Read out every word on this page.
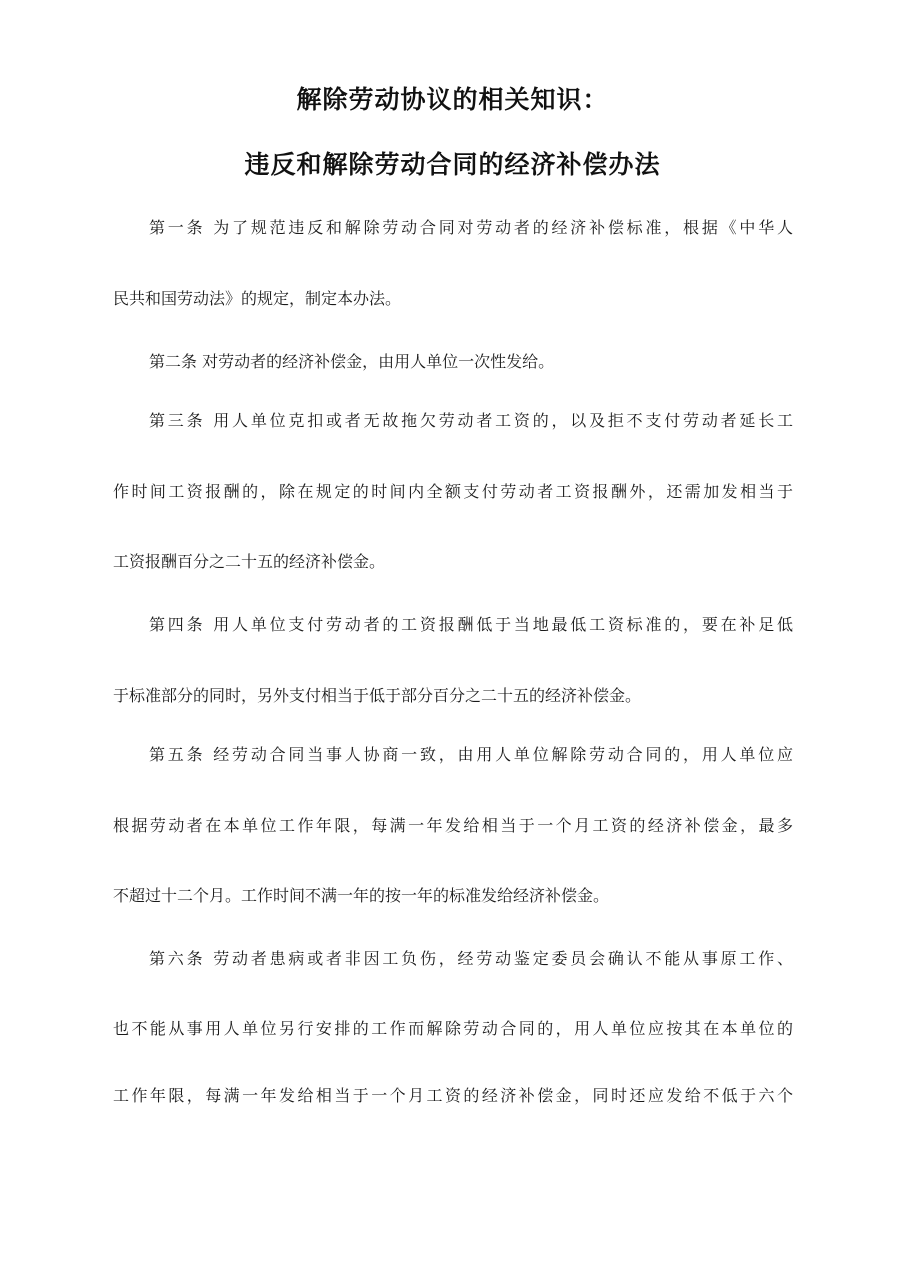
解除劳动协议的相关知识：
违反和解除劳动合同的经济补偿办法
第一条 为了规范违反和解除劳动合同对劳动者的经济补偿标准，根据《中华人
民共和国劳动法》的规定，制定本办法。
第二条 对劳动者的经济补偿金，由用人单位一次性发给。
第三条 用人单位克扣或者无故拖欠劳动者工资的，以及拒不支付劳动者延长工
作时间工资报酬的，除在规定的时间内全额支付劳动者工资报酬外，还需加发相当于
工资报酬百分之二十五的经济补偿金。
第四条 用人单位支付劳动者的工资报酬低于当地最低工资标准的，要在补足低
于标准部分的同时，另外支付相当于低于部分百分之二十五的经济补偿金。
第五条 经劳动合同当事人协商一致，由用人单位解除劳动合同的，用人单位应
根据劳动者在本单位工作年限，每满一年发给相当于一个月工资的经济补偿金，最多
不超过十二个月。工作时间不满一年的按一年的标准发给经济补偿金。
第六条 劳动者患病或者非因工负伤，经劳动鉴定委员会确认不能从事原工作、
也不能从事用人单位另行安排的工作而解除劳动合同的，用人单位应按其在本单位的
工作年限，每满一年发给相当于一个月工资的经济补偿金，同时还应发给不低于六个
